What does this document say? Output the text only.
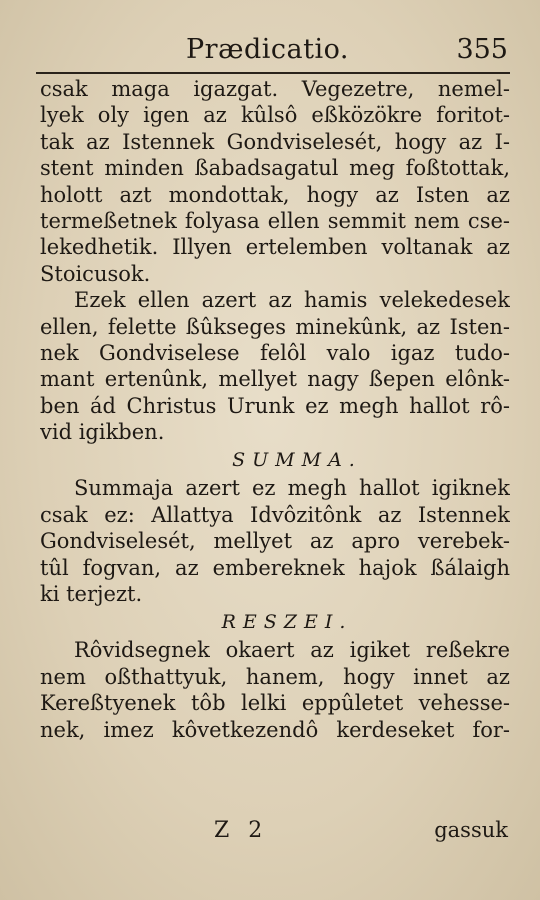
Prædicatio.	355
csak maga igazgat. Vegezetre, nemel-
lyek oly igen az kûlsô eßközökre foritot-
tak az Istennek Gondviselesét, hogy az I-
stent minden ßabadsagatul meg foßtottak,
holott azt mondottak, hogy az Isten az
termeßetnek folyasa ellen semmit nem cse-
lekedhetik. Illyen ertelemben voltanak az
Stoicusok.
Ezek ellen azert az hamis velekedesek
ellen, felette ßûkseges minekûnk, az Isten-
nek Gondviselese felôl valo igaz tudo-
mant ertenûnk, mellyet nagy ßepen elônk-
ben ád Christus Urunk ez megh hallot rô-
vid igikben.
SUMMA.
Summaja azert ez megh hallot igiknek
csak ez: Allattya Idvôzitônk az Istennek
Gondviselesét, mellyet az apro verebek-
tûl fogvan, az embereknek hajok ßálaigh
ki terjezt.
RESZEI.
Rôvidsegnek okaert az igiket reßekre
nem oßthattyuk, hanem, hogy innet az
Kereßtyenek tôb lelki eppûletet vehesse-
nek, imez kôvetkezendô kerdeseket for-
Z 2	gassuk
